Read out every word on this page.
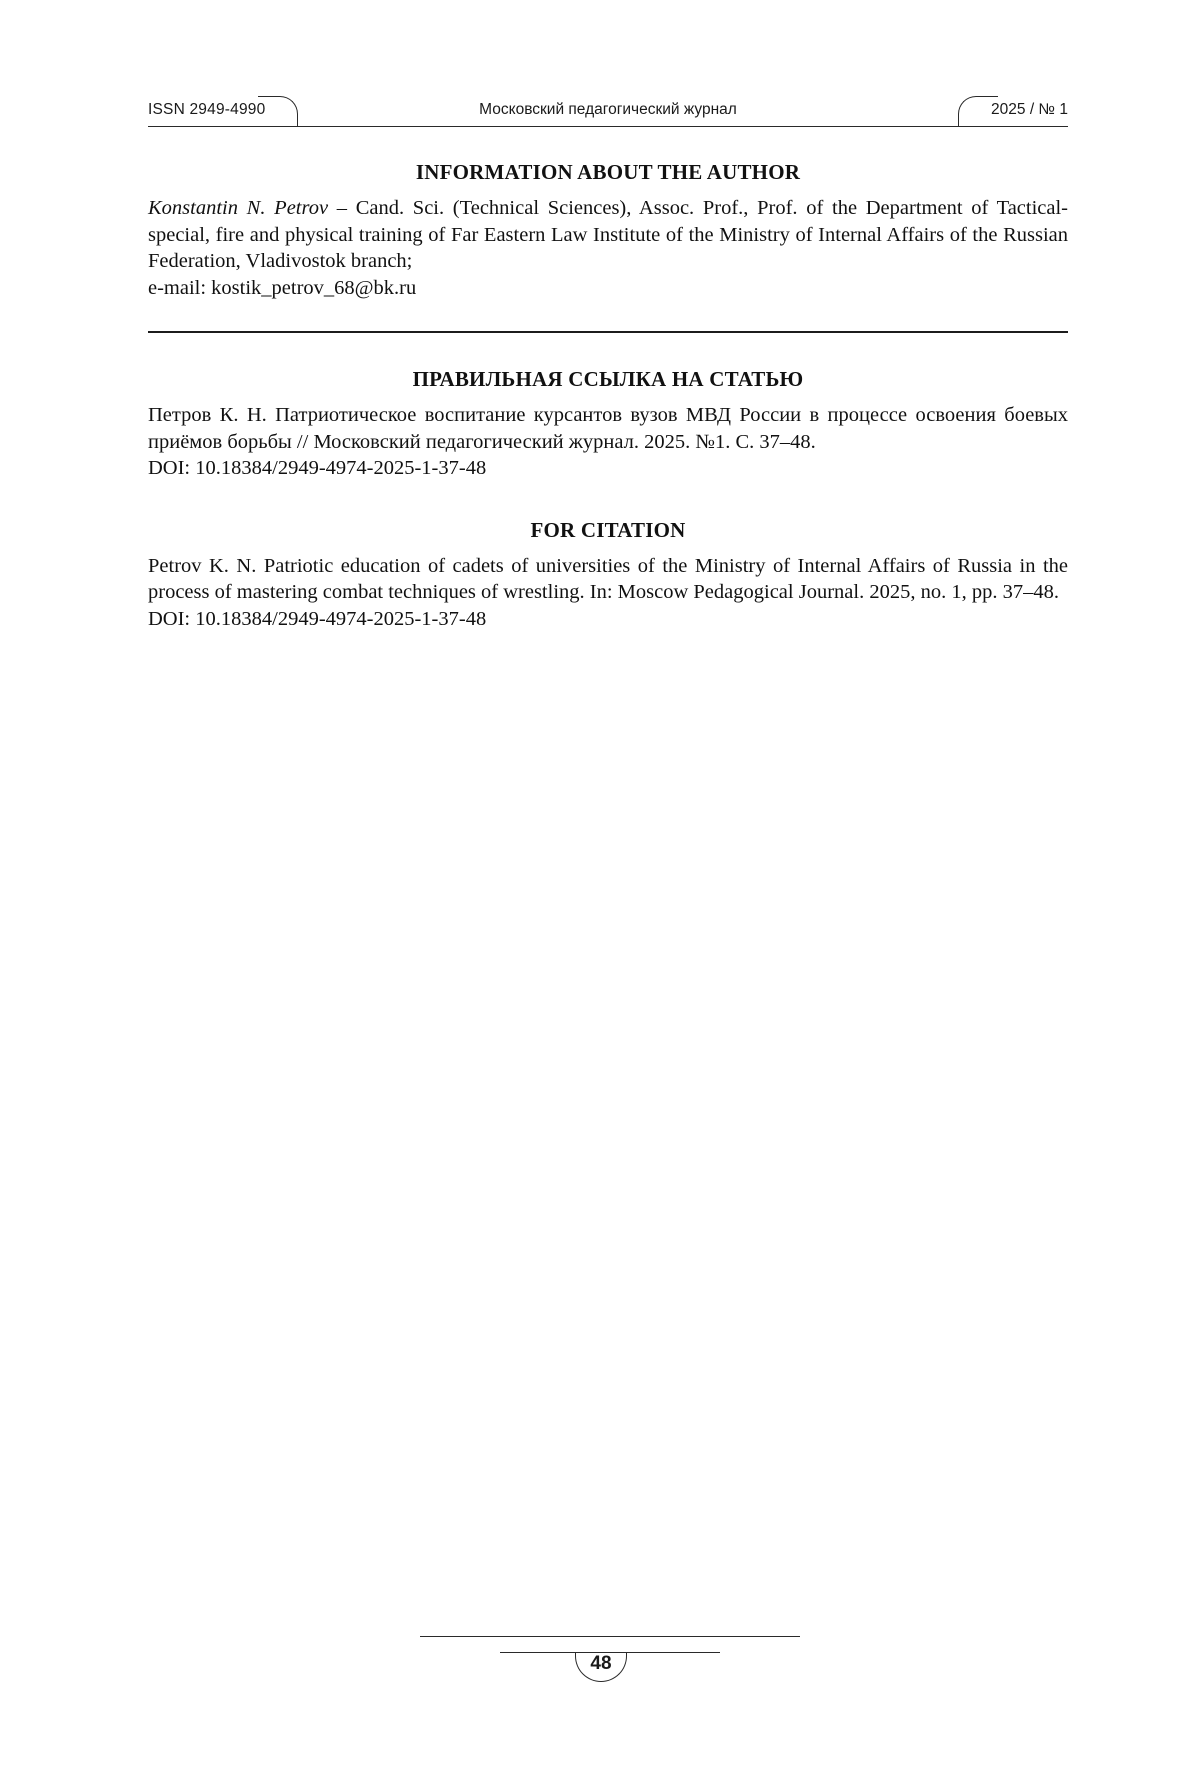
ISSN 2949-4990	Московский педагогический журнал	2025 / № 1
INFORMATION ABOUT THE AUTHOR

Konstantin N. Petrov – Cand. Sci. (Technical Sciences), Assoc. Prof., Prof. of the Department of Tactical-special, fire and physical training of Far Eastern Law Institute of the Ministry of Internal Affairs of the Russian Federation, Vladivostok branch;

e-mail: kostik_petrov_68@bk.ru

ПРАВИЛЬНАЯ ССЫЛКА НА СТАТЬЮ

Петров К. Н. Патриотическое воспитание курсантов вузов МВД России в процессе освоения боевых приёмов борьбы // Московский педагогический журнал. 2025. №1. С. 37–48.

DOI: 10.18384/2949-4974-2025-1-37-48

FOR CITATION

Petrov K. N. Patriotic education of cadets of universities of the Ministry of Internal Affairs of Russia in the process of mastering combat techniques of wrestling. In: Moscow Pedagogical Journal. 2025, no. 1, pp. 37–48.

DOI: 10.18384/2949-4974-2025-1-37-48

48
